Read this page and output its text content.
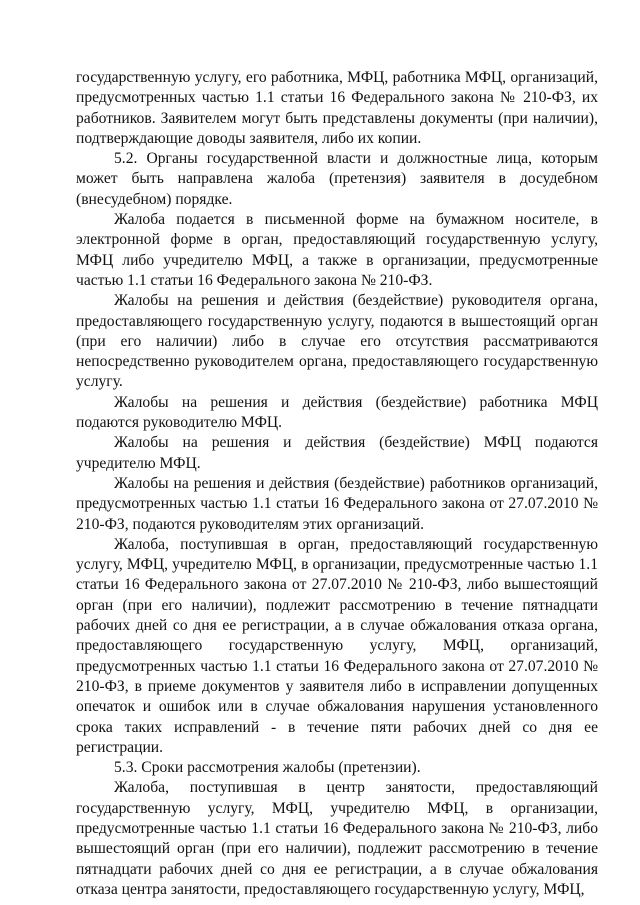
государственную услугу, его работника, МФЦ, работника МФЦ, организаций, предусмотренных частью 1.1 статьи 16 Федерального закона № 210-ФЗ, их работников. Заявителем могут быть представлены документы (при наличии), подтверждающие доводы заявителя, либо их копии.

5.2. Органы государственной власти и должностные лица, которым может быть направлена жалоба (претензия) заявителя в досудебном (внесудебном) порядке.

Жалоба подается в письменной форме на бумажном носителе, в электронной форме в орган, предоставляющий государственную услугу, МФЦ либо учредителю МФЦ, а также в организации, предусмотренные частью 1.1 статьи 16 Федерального закона № 210-ФЗ.

Жалобы на решения и действия (бездействие) руководителя органа, предоставляющего государственную услугу, подаются в вышестоящий орган (при его наличии) либо в случае его отсутствия рассматриваются непосредственно руководителем органа, предоставляющего государственную услугу.

Жалобы на решения и действия (бездействие) работника МФЦ подаются руководителю МФЦ.

Жалобы на решения и действия (бездействие) МФЦ подаются учредителю МФЦ.

Жалобы на решения и действия (бездействие) работников организаций, предусмотренных частью 1.1 статьи 16 Федерального закона от 27.07.2010 № 210-ФЗ, подаются руководителям этих организаций.

Жалоба, поступившая в орган, предоставляющий государственную услугу, МФЦ, учредителю МФЦ, в организации, предусмотренные частью 1.1 статьи 16 Федерального закона от 27.07.2010 № 210-ФЗ, либо вышестоящий орган (при его наличии), подлежит рассмотрению в течение пятнадцати рабочих дней со дня ее регистрации, а в случае обжалования отказа органа, предоставляющего государственную услугу, МФЦ, организаций, предусмотренных частью 1.1 статьи 16 Федерального закона от 27.07.2010 № 210-ФЗ, в приеме документов у заявителя либо в исправлении допущенных опечаток и ошибок или в случае обжалования нарушения установленного срока таких исправлений - в течение пяти рабочих дней со дня ее регистрации.

5.3. Сроки рассмотрения жалобы (претензии).

Жалоба, поступившая в центр занятости, предоставляющий государственную услугу, МФЦ, учредителю МФЦ, в организации, предусмотренные частью 1.1 статьи 16 Федерального закона № 210-ФЗ, либо вышестоящий орган (при его наличии), подлежит рассмотрению в течение пятнадцати рабочих дней со дня ее регистрации, а в случае обжалования отказа центра занятости, предоставляющего государственную услугу, МФЦ,
